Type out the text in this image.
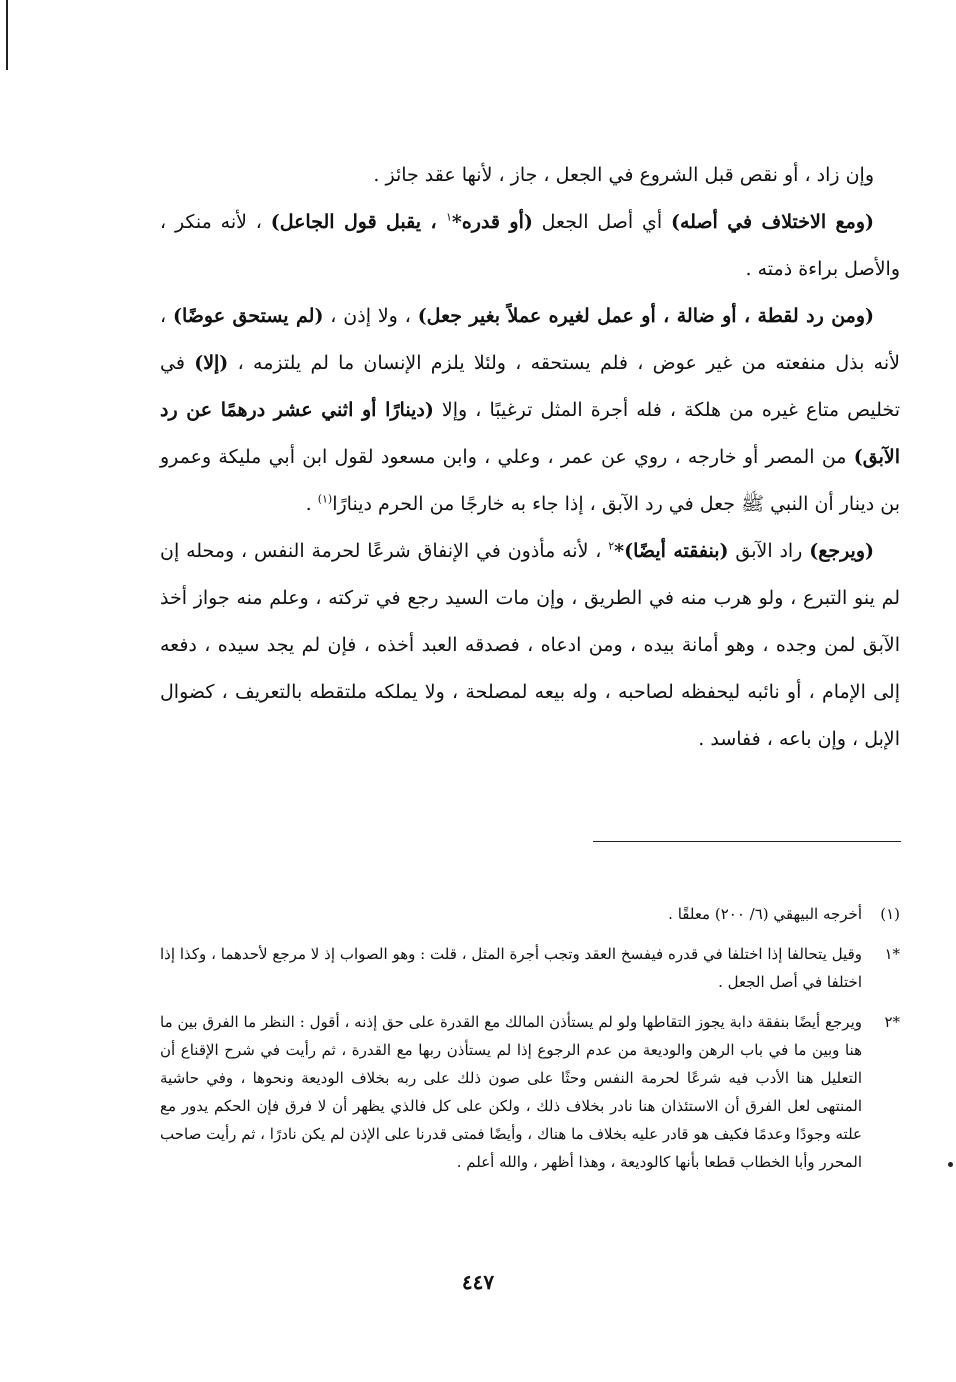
وإن زاد ، أو نقص قبل الشروع في الجعل ، جاز ، لأنها عقد جائز .

(ومع الاختلاف في أصله) أي أصل الجعل (أو قدره*$^١$ ، يقبل قول الجاعل) ، لأنه منكر ، والأصل براءة ذمته .

(ومن رد لقطة ، أو ضالة ، أو عمل لغيره عملاً بغير جعل) ، ولا إذن ، (لم يستحق عوضًا) ، لأنه بذل منفعته من غير عوض ، فلم يستحقه ، ولئلا يلزم الإنسان ما لم يلتزمه ، (إلا) في تخليص متاع غيره من هلكة ، فله أجرة المثل ترغيبًا ، وإلا (دينارًا أو اثني عشر درهمًا عن رد الآبق) من المصر أو خارجه ، روي عن عمر ، وعلي ، وابن مسعود لقول ابن أبي مليكة وعمرو بن دينار أن النبي ﷺ جعل في رد الآبق ، إذا جاء به خارجًا من الحرم دينارًا$^{(١)}$ .

(ويرجع) راد الآبق (بنفقته أيضًا)*$^٢$ ، لأنه مأذون في الإنفاق شرعًا لحرمة النفس ، ومحله إن لم ينو التبرع ، ولو هرب منه في الطريق ، وإن مات السيد رجع في تركته ، وعلم منه جواز أخذ الآبق لمن وجده ، وهو أمانة بيده ، ومن ادعاه ، فصدقه العبد أخذه ، فإن لم يجد سيده ، دفعه إلى الإمام ، أو نائبه ليحفظه لصاحبه ، وله بيعه لمصلحة ، ولا يملكه ملتقطه بالتعريف ، كضوال الإبل ، وإن باعه ، ففاسد .

(١)
أخرجه البيهقي (٦/ ٢٠٠) معلقًا .
*١
وقيل يتحالفا إذا اختلفا في قدره فيفسخ العقد وتجب أجرة المثل ، قلت : وهو الصواب إذ لا مرجع لأحدهما ، وكذا إذا اختلفا في أصل الجعل .
*٢
ويرجع أيضًا بنفقة دابة يجوز التقاطها ولو لم يستأذن المالك مع القدرة على حق إذنه ، أقول : النظر ما الفرق بين ما هنا وبين ما في باب الرهن والوديعة من عدم الرجوع إذا لم يستأذن ربها مع القدرة ، ثم رأيت في شرح الإقناع أن التعليل هنا الأدب فيه شرعًا لحرمة النفس وحثًا على صون ذلك على ربه بخلاف الوديعة ونحوها ، وفي حاشية المنتهى لعل الفرق أن الاستئذان هنا نادر بخلاف ذلك ، ولكن على كل فالذي يظهر أن لا فرق فإن الحكم يدور مع علته وجودًا وعدمًا فكيف هو قادر عليه بخلاف ما هناك ، وأيضًا فمتى قدرنا على الإذن لم يكن نادرًا ، ثم رأيت صاحب المحرر وأبا الخطاب قطعا بأنها كالوديعة ، وهذا أظهر ، والله أعلم .
٤٤٧
